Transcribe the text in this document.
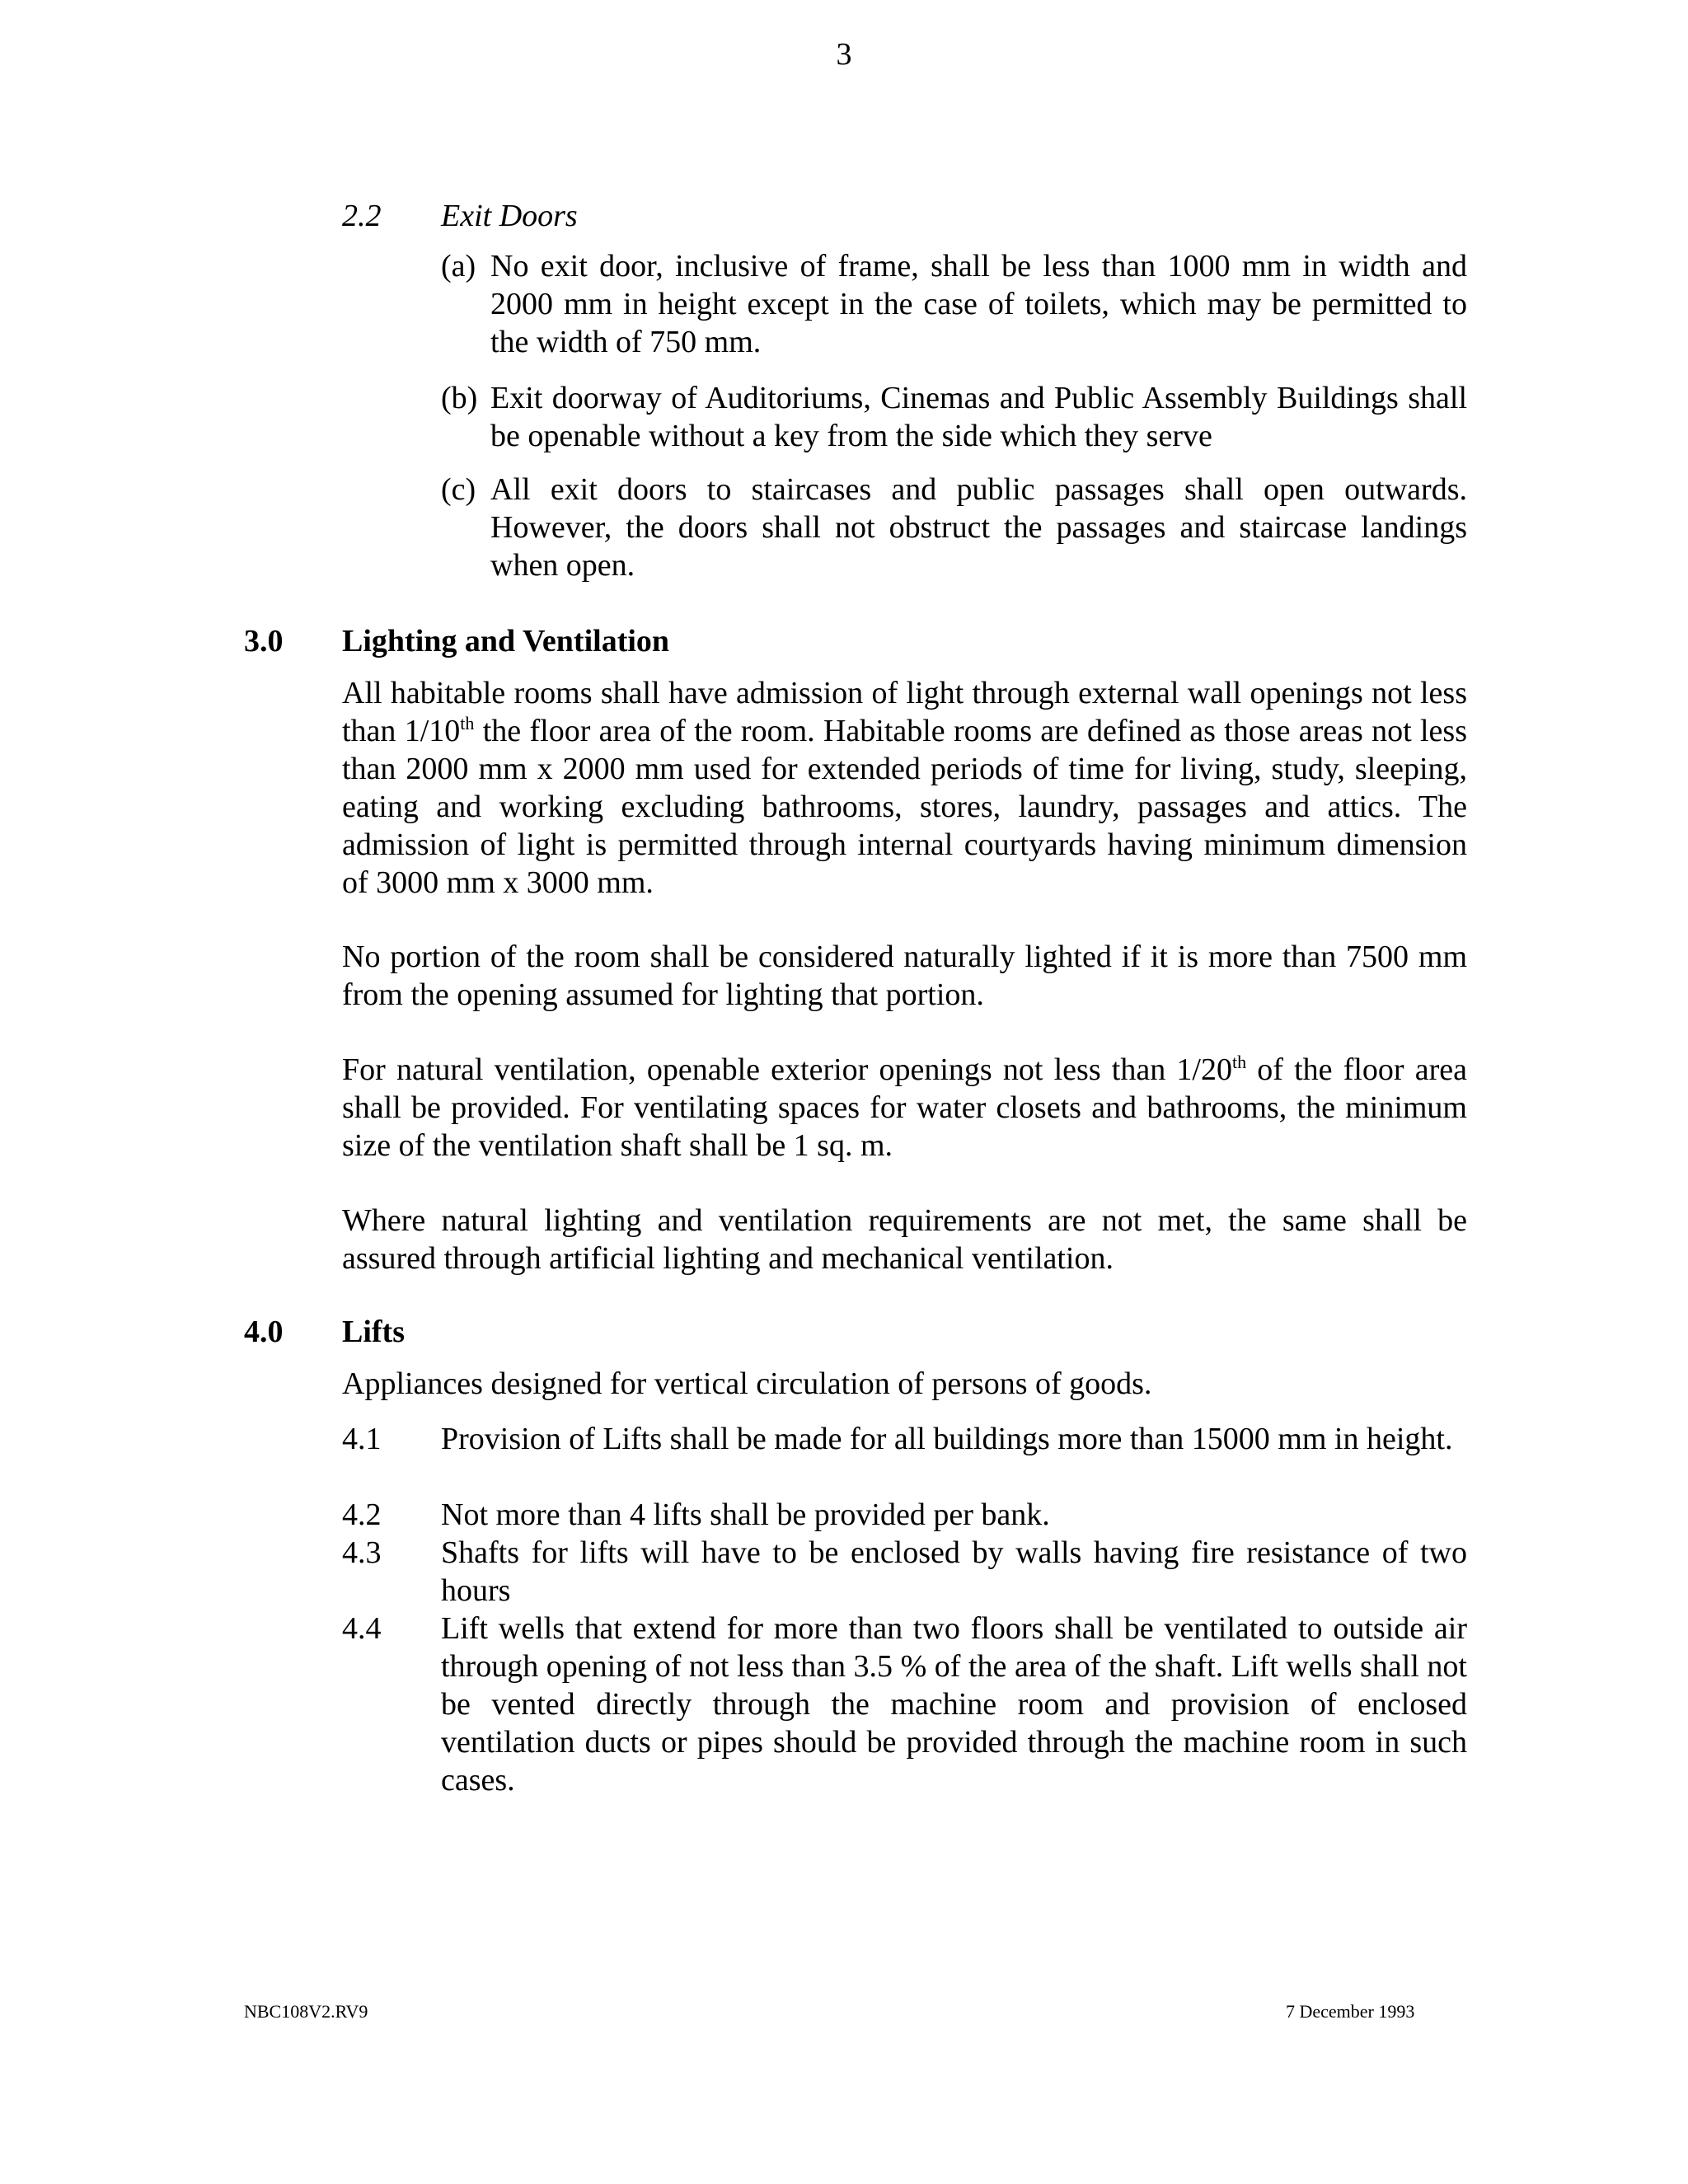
3
2.2 Exit Doors
(a) No exit door, inclusive of frame, shall be less than 1000 mm in width and 2000 mm in height except in the case of toilets, which may be permitted to the width of 750 mm.
(b) Exit doorway of Auditoriums, Cinemas and Public Assembly Buildings shall be openable without a key from the side which they serve
(c) All exit doors to staircases and public passages shall open outwards. However, the doors shall not obstruct the passages and staircase landings when open.
3.0 Lighting and Ventilation
All habitable rooms shall have admission of light through external wall openings not less than 1/10th the floor area of the room. Habitable rooms are defined as those areas not less than 2000 mm x 2000 mm used for extended periods of time for living, study, sleeping, eating and working excluding bathrooms, stores, laundry, passages and attics. The admission of light is permitted through internal courtyards having minimum dimension of 3000 mm x 3000 mm.
No portion of the room shall be considered naturally lighted if it is more than 7500 mm from the opening assumed for lighting that portion.
For natural ventilation, openable exterior openings not less than 1/20th of the floor area shall be provided. For ventilating spaces for water closets and bathrooms, the minimum size of the ventilation shaft shall be 1 sq. m.
Where natural lighting and ventilation requirements are not met, the same shall be assured through artificial lighting and mechanical ventilation.
4.0 Lifts
Appliances designed for vertical circulation of persons of goods.
4.1 Provision of Lifts shall be made for all buildings more than 15000 mm in height.
4.2 Not more than 4 lifts shall be provided per bank.
4.3 Shafts for lifts will have to be enclosed by walls having fire resistance of two hours
4.4 Lift wells that extend for more than two floors shall be ventilated to outside air through opening of not less than 3.5 % of the area of the shaft. Lift wells shall not be vented directly through the machine room and provision of enclosed ventilation ducts or pipes should be provided through the machine room in such cases.
NBC108V2.RV9	7 December 1993
